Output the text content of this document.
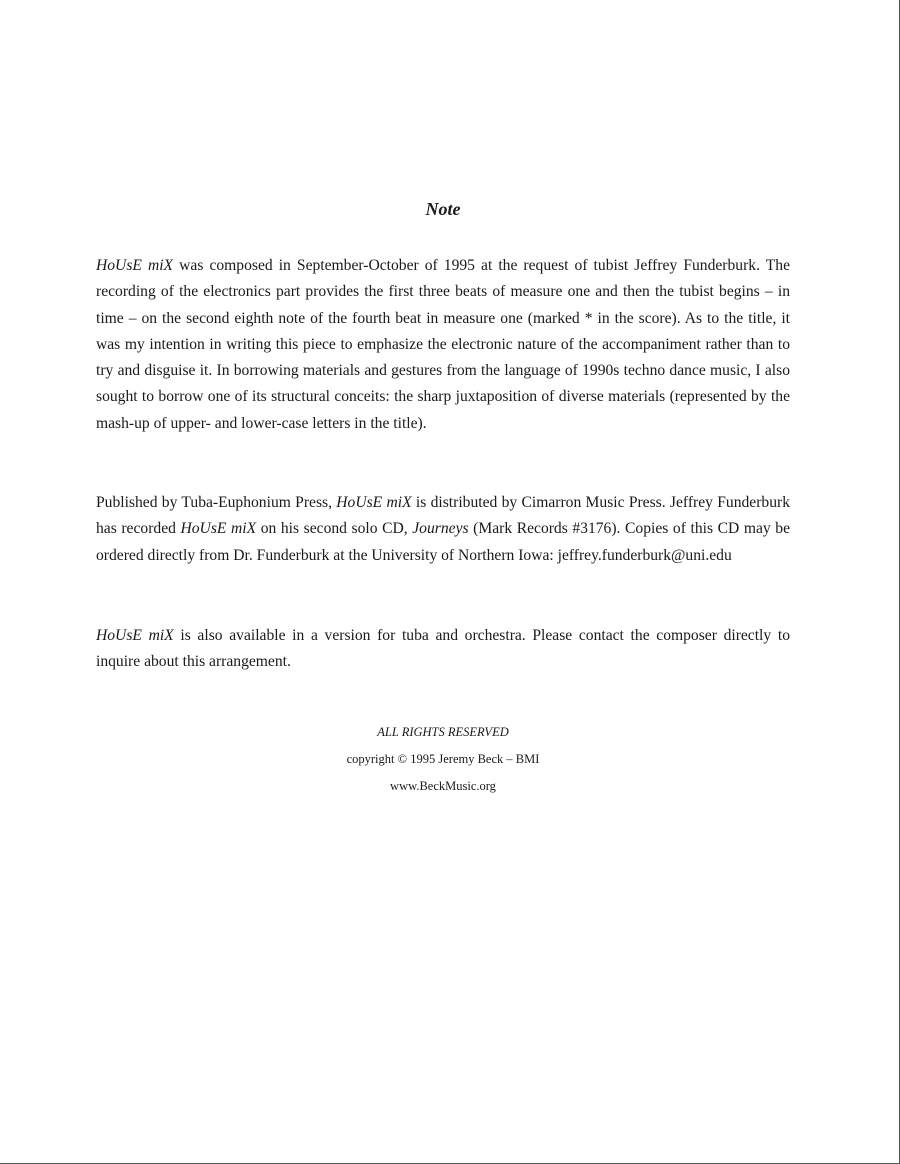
Note

HoUsE miX was composed in September-October of 1995 at the request of tubist Jeffrey Funderburk. The recording of the electronics part provides the first three beats of measure one and then the tubist begins – in time – on the second eighth note of the fourth beat in measure one (marked * in the score). As to the title, it was my intention in writing this piece to emphasize the electronic nature of the accompaniment rather than to try and disguise it. In borrowing materials and gestures from the language of 1990s techno dance music, I also sought to borrow one of its structural conceits: the sharp juxtaposition of diverse materials (represented by the mash-up of upper- and lower-case letters in the title).

Published by Tuba-Euphonium Press, HoUsE miX is distributed by Cimarron Music Press. Jeffrey Funderburk has recorded HoUsE miX on his second solo CD, Journeys (Mark Records #3176). Copies of this CD may be ordered directly from Dr. Funderburk at the University of Northern Iowa: jeffrey.funderburk@uni.edu

HoUsE miX is also available in a version for tuba and orchestra. Please contact the composer directly to inquire about this arrangement.

ALL RIGHTS RESERVED
copyright © 1995 Jeremy Beck – BMI
www.BeckMusic.org
